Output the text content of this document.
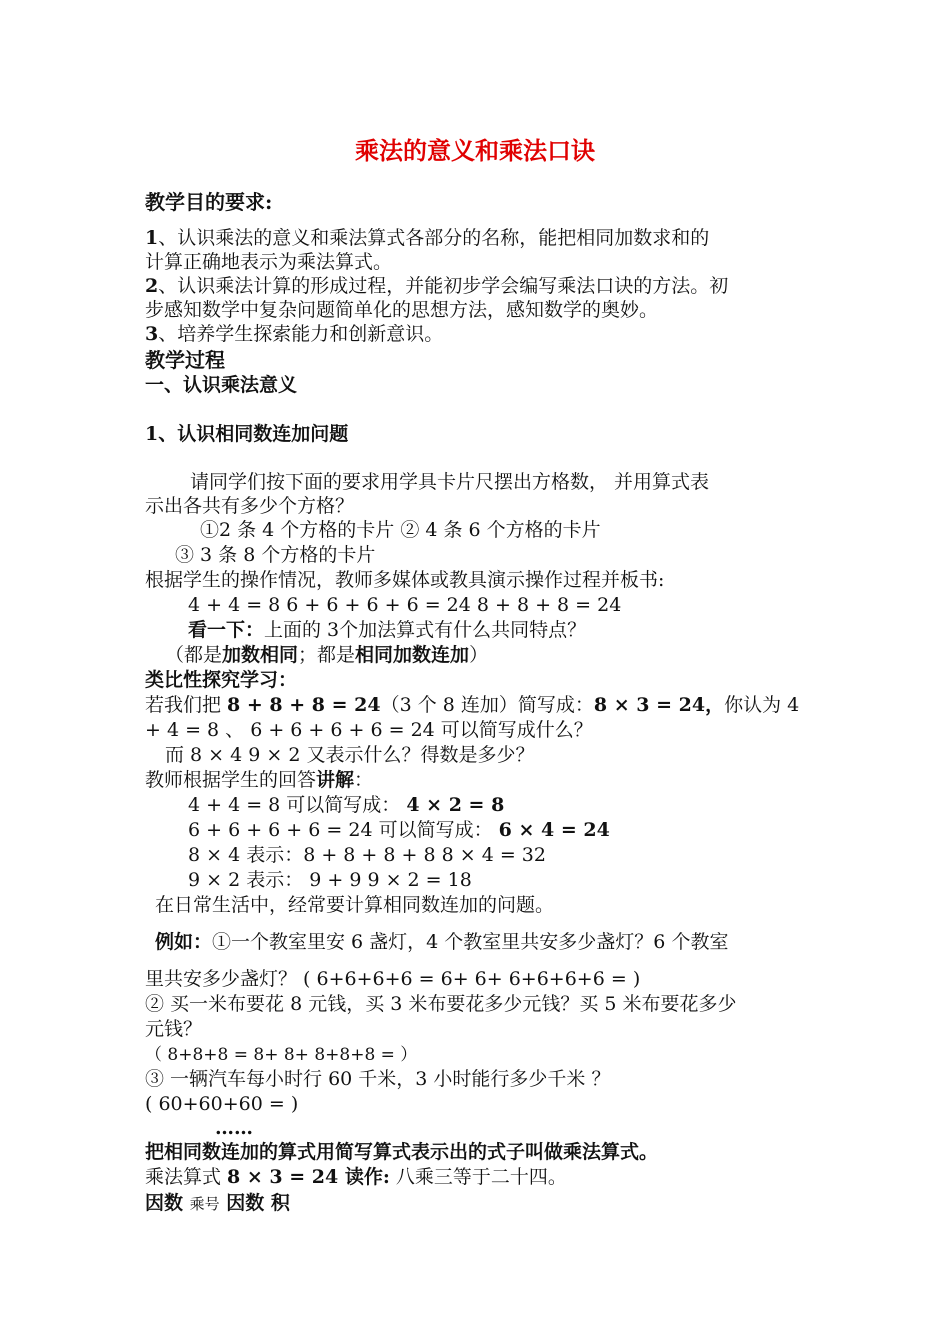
乘法的意义和乘法口诀
教学目的要求:
1、认识乘法的意义和乘法算式各部分的名称，能把相同加数求和的
计算正确地表示为乘法算式。
2、认识乘法计算的形成过程，并能初步学会编写乘法口诀的方法。初
步感知数学中复杂问题简单化的思想方法，感知数学的奥妙。
3、培养学生探索能力和创新意识。
教学过程
一、认识乘法意义
1、认识相同数连加问题
请同学们按下面的要求用学具卡片尺摆出方格数， 并用算式表
示出各共有多少个方格？
①2 条 4 个方格的卡片 ② 4 条 6 个方格的卡片
③ 3 条 8 个方格的卡片
根据学生的操作情况，教师多媒体或教具演示操作过程并板书:
4 + 4 = 8 6 + 6 + 6 + 6 = 24 8 + 8 + 8 = 24
看一下：上面的 3个加法算式有什么共同特点？
（都是加数相同；都是相同加数连加）
类比性探究学习：
若我们把 8 + 8 + 8 = 24（3 个 8 连加）简写成：8 × 3 = 24，你认为 4
+ 4 = 8 、 6 + 6 + 6 + 6 = 24 可以简写成什么？
而 8 × 4 9 × 2 又表示什么？得数是多少？
教师根据学生的回答讲解：
4 + 4 = 8 可以简写成： 4 × 2 = 8
6 + 6 + 6 + 6 = 24 可以简写成： 6 × 4 = 24
8 × 4 表示：8 + 8 + 8 + 8 8 × 4 = 32
9 × 2 表示： 9 + 9 9 × 2 = 18
在日常生活中，经常要计算相同数连加的问题。
例如：①一个教室里安 6 盏灯，4 个教室里共安多少盏灯？6 个教室
里共安多少盏灯？ ( 6+6+6+6 = 6+ 6+ 6+6+6+6 = )
② 买一米布要花 8 元钱，买 3 米布要花多少元钱？买 5 米布要花多少
元钱？
（ 8+8+8 = 8+ 8+ 8+8+8 = ）
③ 一辆汽车每小时行 60 千米，3 小时能行多少千米 ？
( 60+60+60 = )
……
把相同数连加的算式用简写算式表示出的式子叫做乘法算式。
乘法算式 8 × 3 = 24 读作: 八乘三等于二十四。
因数 乘号 因数 积
